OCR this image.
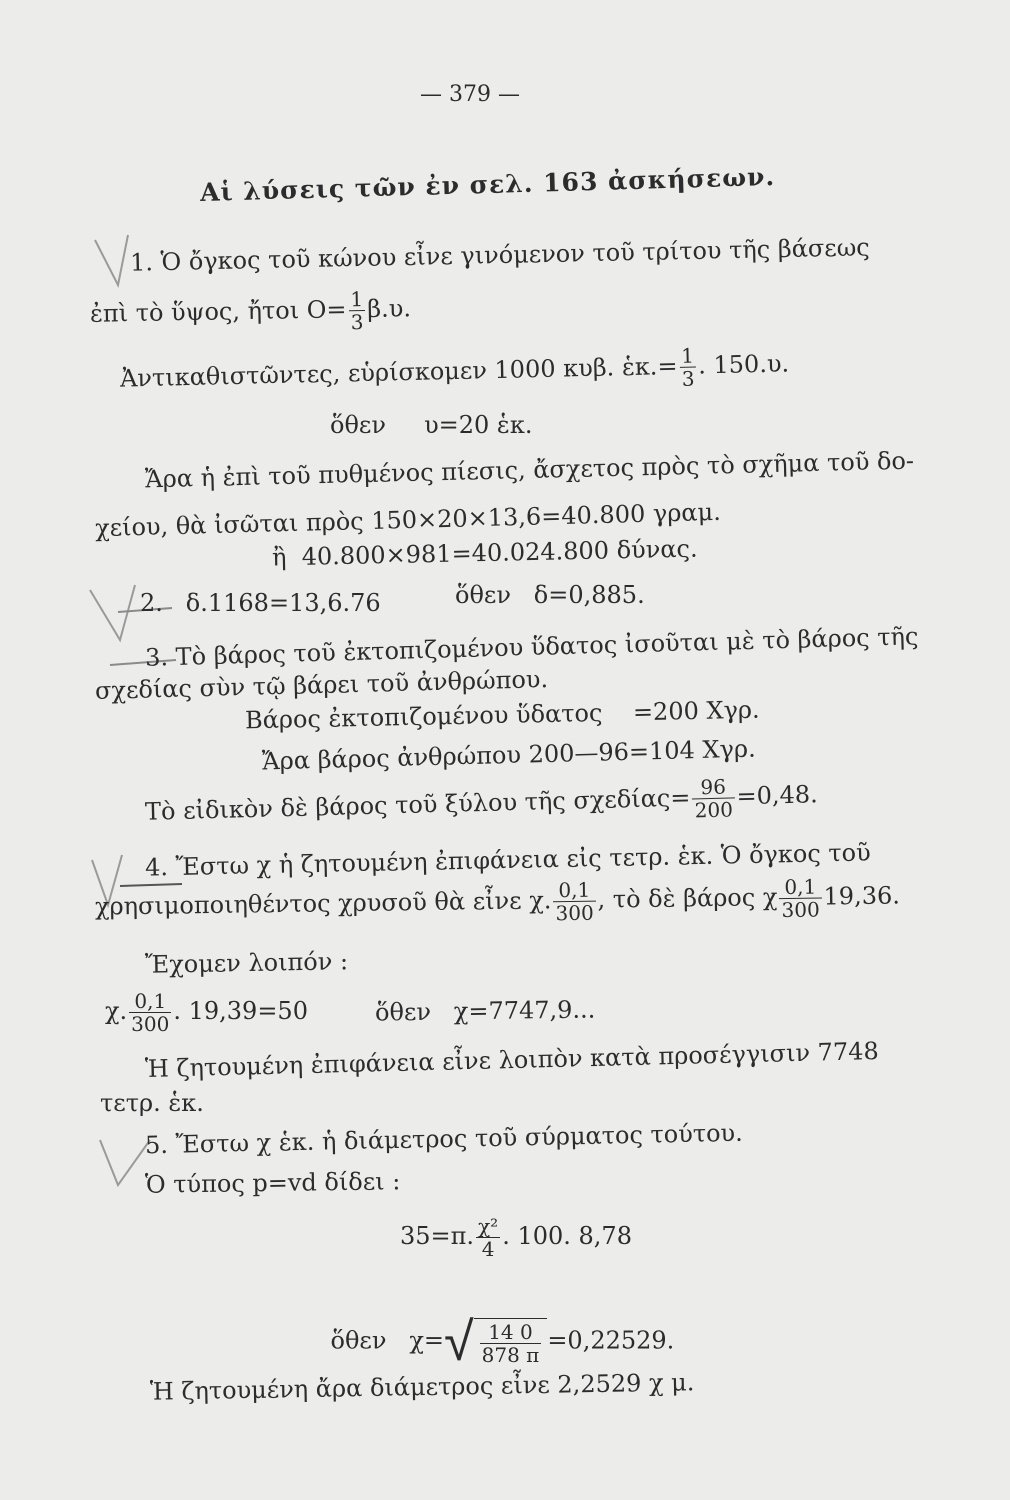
— 379 —
Αἱ λύσεις τῶν ἐν σελ. 163 ἀσκήσεων.
1. Ὁ ὄγκος τοῦ κώνου εἶνε γινόμενον τοῦ τρίτου τῆς βάσεως
ἐπὶ τὸ ὕψος, ἤτοι $O= \frac{1}{3} \beta.\upsilon$.
Ἀντικαθιστῶντες, εὑρίσκομεν 1000 κυβ. ἑκ.= $\frac{1}{3}$ . 150.υ.
ὅθεν     υ=20 ἑκ.
Ἄρα ἡ ἐπὶ τοῦ πυθμένος πίεσις, ἄσχετος πρὸς τὸ σχῆμα τοῦ δο-
χείου, θὰ ἰσῶται πρὸς 150×20×13,6=40.800 γραμ.
ἢ  40.800×981=40.024.800 δύνας.
2.   δ.1168=13,6.76	ὅθεν   δ=0,885.
3. Τὸ βάρος τοῦ ἐκτοπιζομένου ὕδατος ἰσοῦται μὲ τὸ βάρος τῆς
σχεδίας σὺν τῷ βάρει τοῦ ἀνθρώπου.
Βάρος ἐκτοπιζομένου ὕδατος    =200 Χγρ.
Ἄρα βάρος ἀνθρώπου 200—96=104 Χγρ.
Τὸ εἰδικὸν δὲ βάρος τοῦ ξύλου τῆς $\sigma\chi\varepsilon\delta ί\alpha\varsigma= \frac{96}{200} =0,48$.
4. Ἔστω χ ἡ ζητουμένη ἐπιφάνεια εἰς τετρ. ἑκ. Ὁ ὄγκος τοῦ
χρησιμοποιηθέντος χρυσοῦ θὰ εἶνε χ. $\frac{0,1}{300}$ , τὸ δὲ βάρος χ $\frac{0,1}{300} 19,36$.
Ἔχομεν λοιπόν :
χ. $\frac{0,1}{300}$ . 19,39=50	ὅθεν   χ=7747,9...
Ἡ ζητουμένη ἐπιφάνεια εἶνε λοιπὸν κατὰ προσέγγισιν 7748
τετρ. ἑκ.
5. Ἔστω χ ἑκ. ἡ διάμετρος τοῦ σύρματος τούτου.
Ὁ τύπος p=vd δίδει :
35=π. $\frac{\text{χ²}}{4}$ . 100. 8,78

ὅθεν   $\chi=√ \frac{14 0}{878 \pi} =0,22529$.

Ἡ ζητουμένη ἄρα διάμετρος εἶνε 2,2529 χ μ.
